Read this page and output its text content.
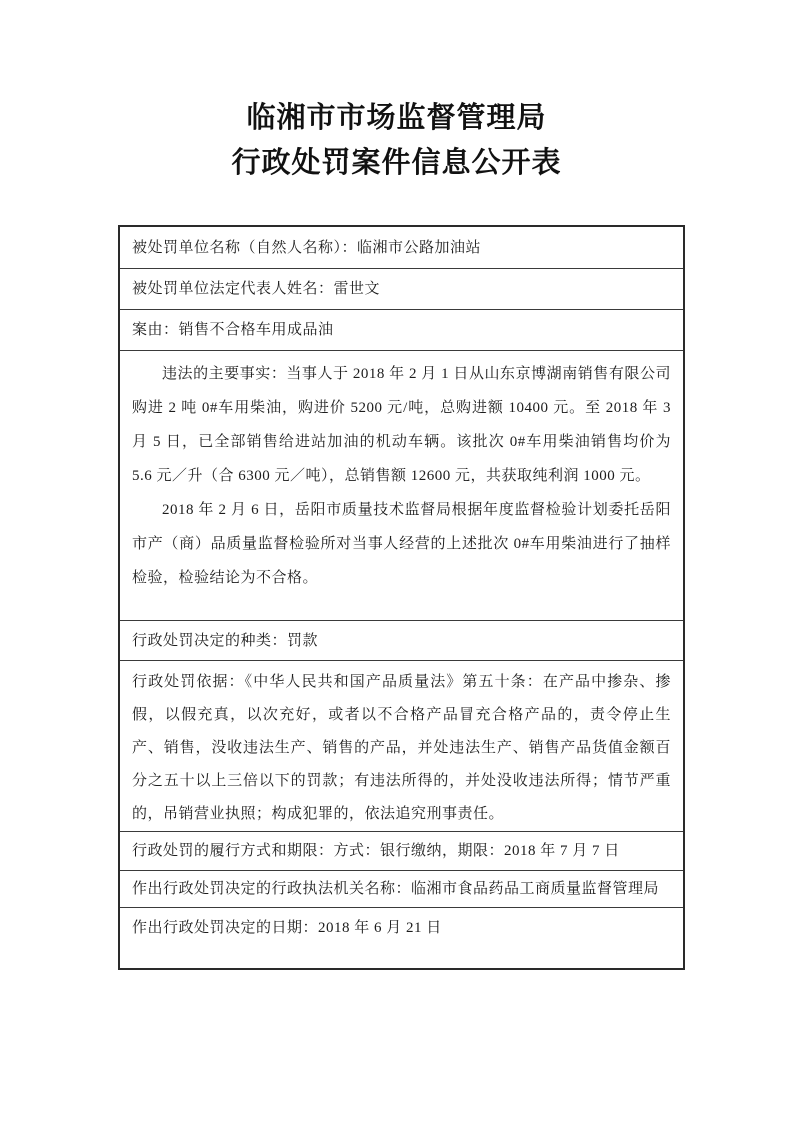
临湘市市场监督管理局
行政处罚案件信息公开表
被处罚单位名称（自然人名称）：临湘市公路加油站

被处罚单位法定代表人姓名：雷世文

案由：销售不合格车用成品油

违法的主要事实：当事人于 2018 年 2 月 1 日从山东京博湖南销售有限公司购进 2 吨 0#车用柴油，购进价 5200 元/吨，总购进额 10400 元。至 2018 年 3 月 5 日，已全部销售给进站加油的机动车辆。该批次 0#车用柴油销售均价为 5.6 元／升（合 6300 元／吨），总销售额 12600 元，共获取纯利润 1000 元。

2018 年 2 月 6 日，岳阳市质量技术监督局根据年度监督检验计划委托岳阳市产（商）品质量监督检验所对当事人经营的上述批次 0#车用柴油进行了抽样检验，检验结论为不合格。

行政处罚决定的种类：罚款

行政处罚依据：《中华人民共和国产品质量法》第五十条：在产品中掺杂、掺假，以假充真，以次充好，或者以不合格产品冒充合格产品的，责令停止生产、销售，没收违法生产、销售的产品，并处违法生产、销售产品货值金额百分之五十以上三倍以下的罚款；有违法所得的，并处没收违法所得；情节严重的，吊销营业执照；构成犯罪的，依法追究刑事责任。

行政处罚的履行方式和期限：方式：银行缴纳，期限：2018 年 7 月 7 日

作出行政处罚决定的行政执法机关名称：临湘市食品药品工商质量监督管理局

作出行政处罚决定的日期：2018 年 6 月 21 日
